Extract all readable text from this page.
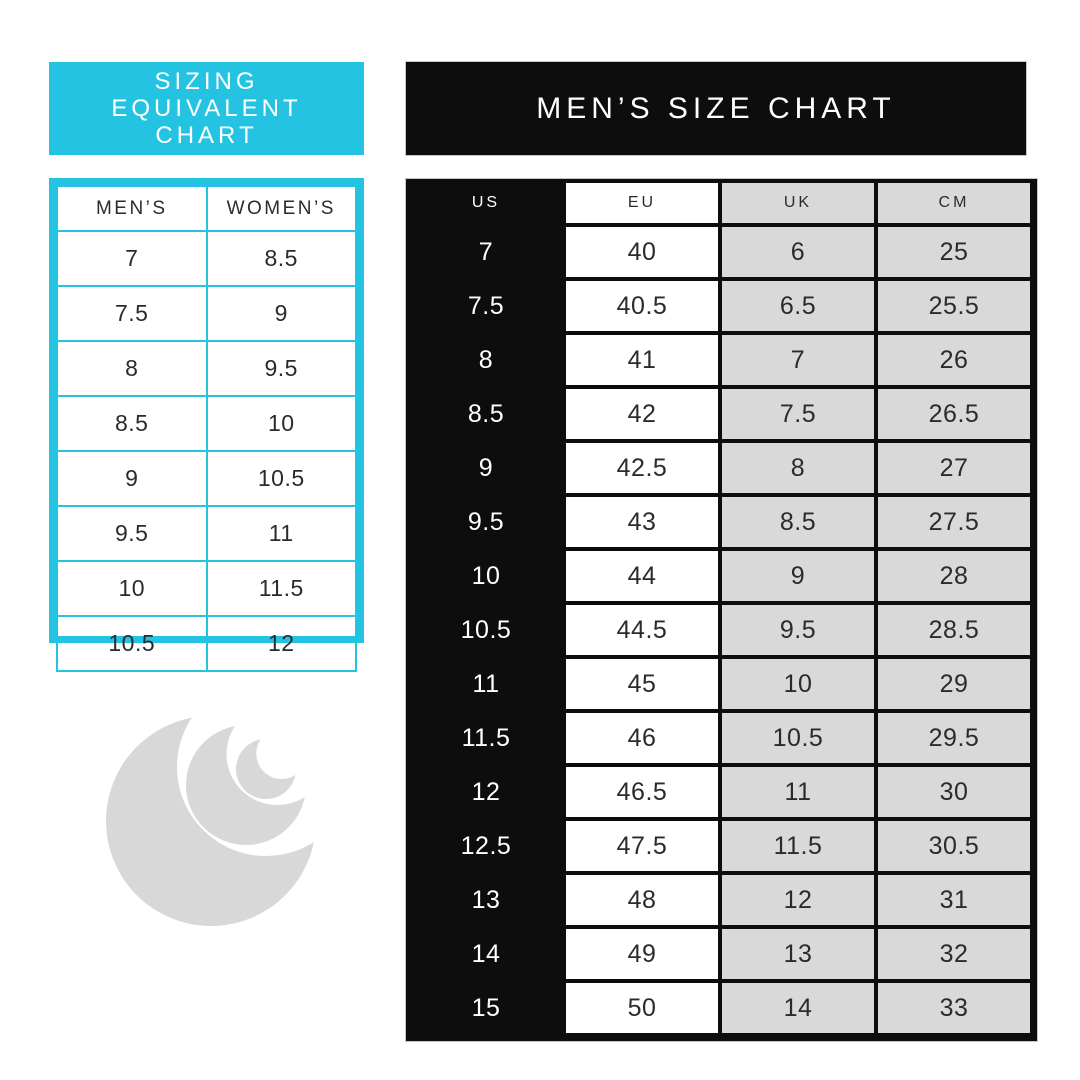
SIZING
EQUIVALENT
CHART
MEN’S SIZE CHART
MEN’S	WOMEN’S
7	8.5
7.5	9
8	9.5
8.5	10
9	10.5
9.5	11
10	11.5
10.5	12
US	EU	UK	CM
7	40	6	25
7.5	40.5	6.5	25.5
8	41	7	26
8.5	42	7.5	26.5
9	42.5	8	27
9.5	43	8.5	27.5
10	44	9	28
10.5	44.5	9.5	28.5
11	45	10	29
11.5	46	10.5	29.5
12	46.5	11	30
12.5	47.5	11.5	30.5
13	48	12	31
14	49	13	32
15	50	14	33
